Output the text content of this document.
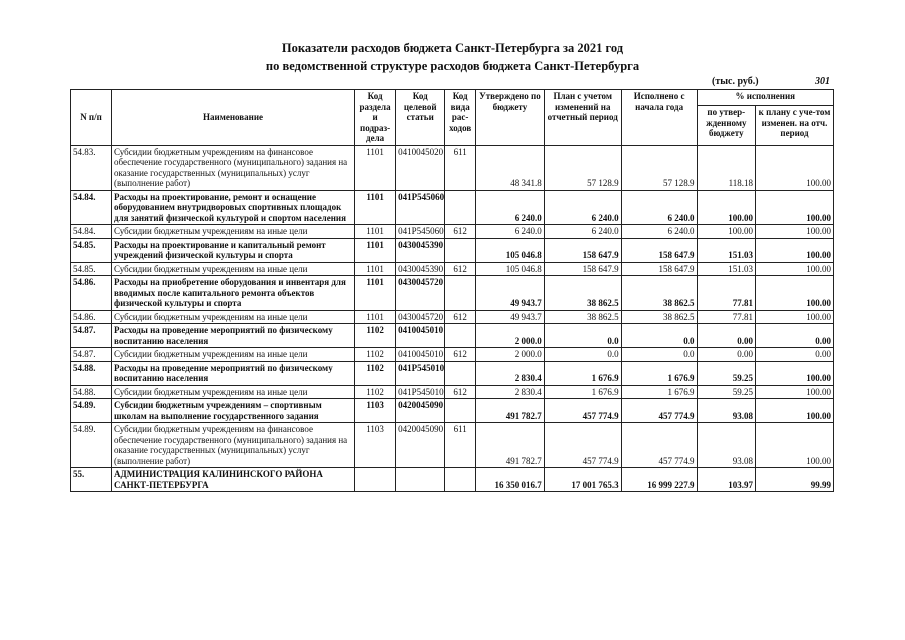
Показатели расходов бюджета Санкт-Петербурга за 2021 год
по ведомственной структуре расходов бюджета Санкт-Петербурга
(тыс. руб.)	301
N п/п	Наименование	Код раздела и подраз-дела	Код целевой статьи	Код вида рас-ходов	Утверждено по бюджету	План с учетом изменений на отчетный период	Исполнено с начала года	% исполнения	
								по утвер-жденному бюджету	к плану с уче-том изменен. на отч. период
54.83.	Субсидии бюджетным учреждениям на финансовое обеспечение государственного (муниципального) задания на оказание государственных (муниципальных) услуг (выполнение работ)	1101	0410045020	611	48 341.8	57 128.9	57 128.9	118.18	100.00
54.84.	Расходы на проектирование, ремонт и оснащение оборудованием внутридворовых спортивных площадок для занятий физической культурой и спортом населения	1101	041P545060		6 240.0	6 240.0	6 240.0	100.00	100.00
54.84.	Субсидии бюджетным учреждениям на иные цели	1101	041P545060	612	6 240.0	6 240.0	6 240.0	100.00	100.00
54.85.	Расходы на проектирование и капитальный ремонт учреждений физической культуры и спорта	1101	0430045390		105 046.8	158 647.9	158 647.9	151.03	100.00
54.85.	Субсидии бюджетным учреждениям на иные цели	1101	0430045390	612	105 046.8	158 647.9	158 647.9	151.03	100.00
54.86.	Расходы на приобретение оборудования и инвентаря для вводимых после капитального ремонта объектов физической культуры и спорта	1101	0430045720		49 943.7	38 862.5	38 862.5	77.81	100.00
54.86.	Субсидии бюджетным учреждениям на иные цели	1101	0430045720	612	49 943.7	38 862.5	38 862.5	77.81	100.00
54.87.	Расходы на проведение мероприятий по физическому воспитанию населения	1102	0410045010		2 000.0	0.0	0.0	0.00	0.00
54.87.	Субсидии бюджетным учреждениям на иные цели	1102	0410045010	612	2 000.0	0.0	0.0	0.00	0.00
54.88.	Расходы на проведение мероприятий по физическому воспитанию населения	1102	041P545010		2 830.4	1 676.9	1 676.9	59.25	100.00
54.88.	Субсидии бюджетным учреждениям на иные цели	1102	041P545010	612	2 830.4	1 676.9	1 676.9	59.25	100.00
54.89.	Субсидии бюджетным учреждениям – спортивным школам на выполнение государственного задания	1103	0420045090		491 782.7	457 774.9	457 774.9	93.08	100.00
54.89.	Субсидии бюджетным учреждениям на финансовое обеспечение государственного (муниципального) задания на оказание государственных (муниципальных) услуг (выполнение работ)	1103	0420045090	611	491 782.7	457 774.9	457 774.9	93.08	100.00
55.	АДМИНИСТРАЦИЯ КАЛИНИНСКОГО РАЙОНА САНКТ-ПЕТЕРБУРГА				16 350 016.7	17 001 765.3	16 999 227.9	103.97	99.99
